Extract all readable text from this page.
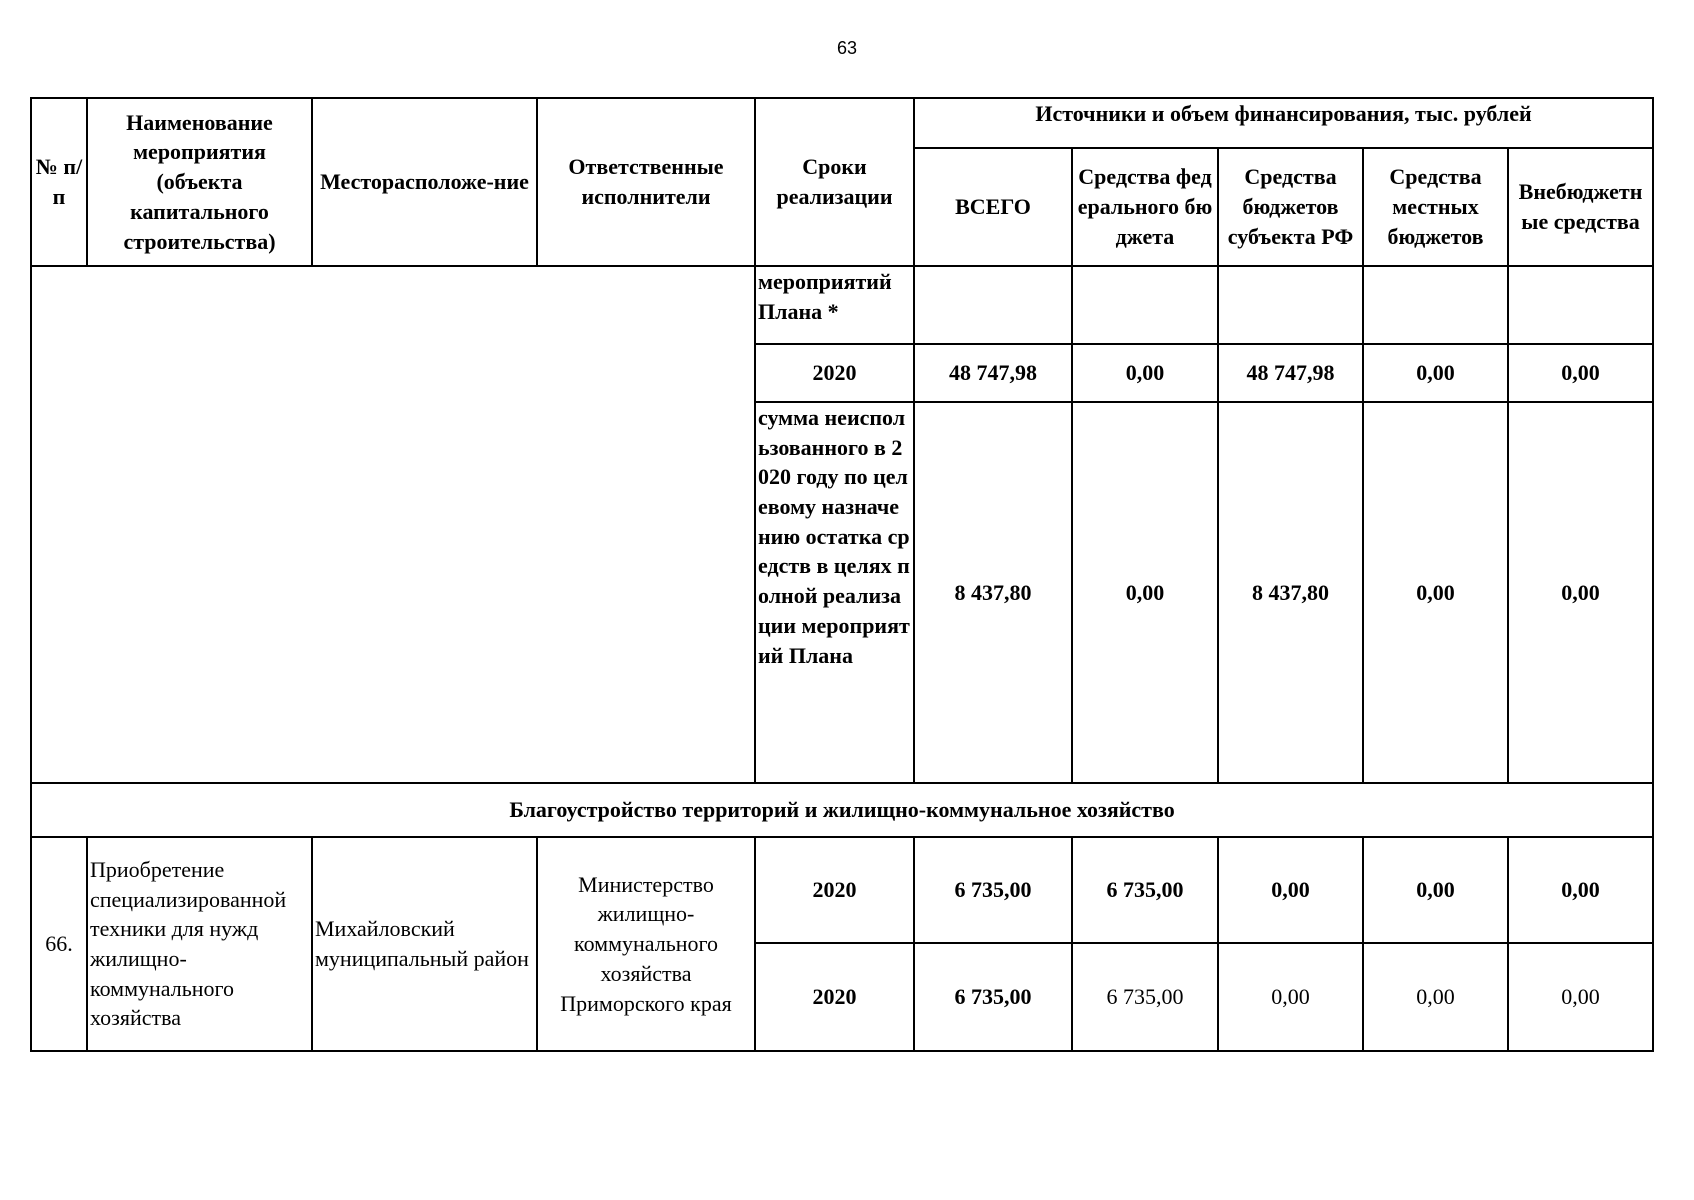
63
№ п/п	Наименование мероприятия (объекта капитального строительства)	Месторасположе-ние	Ответственные исполнители	Сроки реализации	Источники и объем финансирования, тыс. рублей				
					ВСЕГО	Средства федерального бюджета	Средства бюджетов субъекта РФ	Средства местных бюджетов	Внебюджетные средства
				мероприятий Плана *					
				2020	48 747,98	0,00	48 747,98	0,00	0,00
				сумма неиспользованного в 2020 году по целевому назначению остатка средств в целях полной реализации мероприятий Плана	8 437,80	0,00	8 437,80	0,00	0,00
Благоустройство территорий и жилищно-коммунальное хозяйство									
66.	Приобретение специализированной техники для нужд жилищно-коммунального хозяйства	Михайловский муниципальный район	Министерство жилищно-коммунального хозяйства Приморского края	2020	6 735,00	6 735,00	0,00	0,00	0,00
				2020	6 735,00	6 735,00	0,00	0,00	0,00
